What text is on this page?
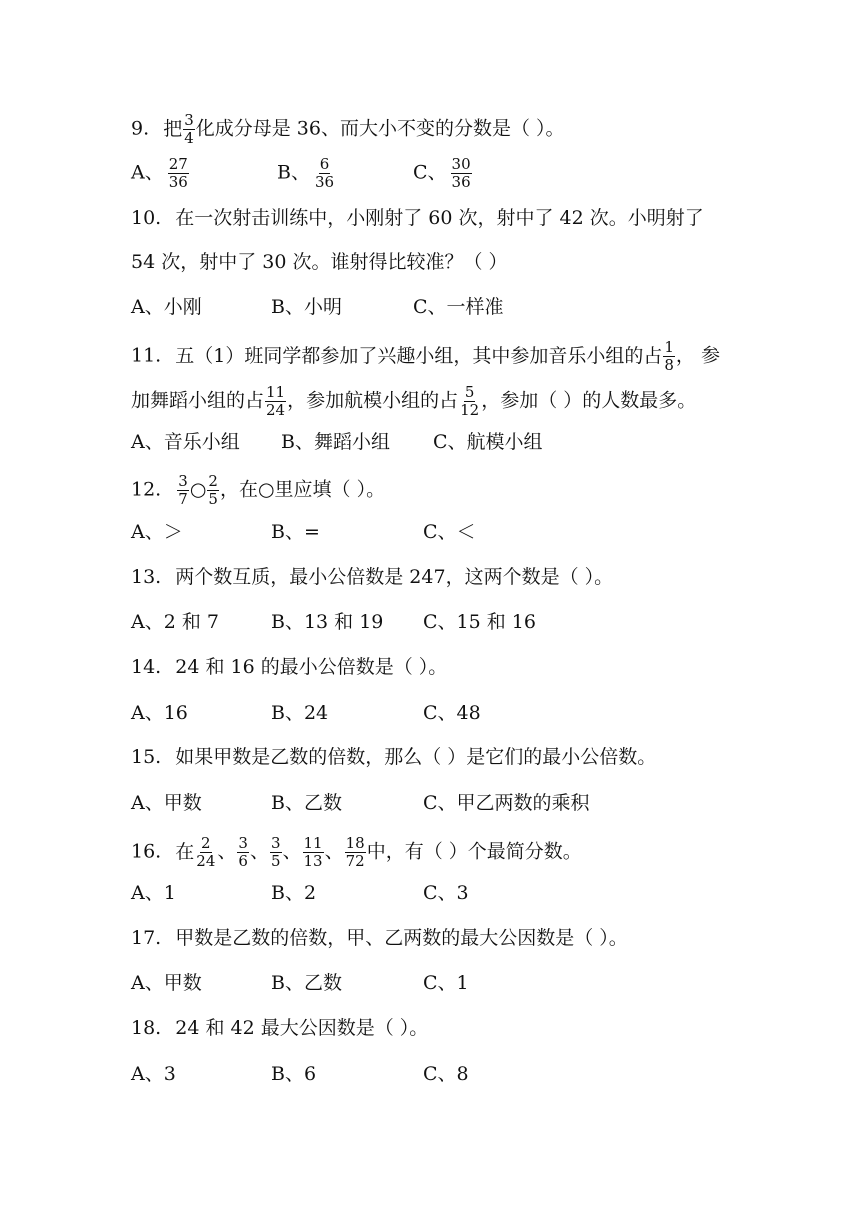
9. 把 $\frac{3}{4}$ 化成分母是 36、而大小不变的分数是（ ）。
A、 $\frac{27}{36}$	B、 $\frac{6}{36}$	C、 $\frac{30}{36}$
10. 在一次射击训练中，小刚射了 60 次，射中了 42 次。小明射了
54 次，射中了 30 次。谁射得比较准？（ ）
A、小刚	B、小明	C、一样准
11. 五（1）班同学都参加了兴趣小组，其中参加音乐小组的占 $\frac{1}{8}$ ， 参
加舞蹈小组的占 $\frac{11}{24}$ ，参加航模小组的占 $\frac{5}{12}$ ，参加（ ）的人数最多。
A、音乐小组 B、舞蹈小组 C、航模小组
12. $\frac{3}{7}$ ○ $\frac{2}{5}$ ，在○里应填（ ）。
A、＞	B、=	C、＜
13. 两个数互质，最小公倍数是 247，这两个数是（ ）。
A、2 和 7	B、13 和 19 C、15 和 16
14. 24 和 16 的最小公倍数是（ ）。
A、16	B、24	C、48
15. 如果甲数是乙数的倍数，那么（ ）是它们的最小公倍数。
A、甲数	B、乙数	C、甲乙两数的乘积
16. 在 $\frac{2}{24}$ 、 $\frac{3}{6}$ 、 $\frac{3}{5}$ 、 $\frac{11}{13}$ 、 $\frac{18}{72}$ 中，有（ ）个最简分数。
A、1	B、2	C、3
17. 甲数是乙数的倍数，甲、乙两数的最大公因数是（ ）。
A、甲数	B、乙数	C、1
18. 24 和 42 最大公因数是（ ）。
A、3	B、6	C、8
